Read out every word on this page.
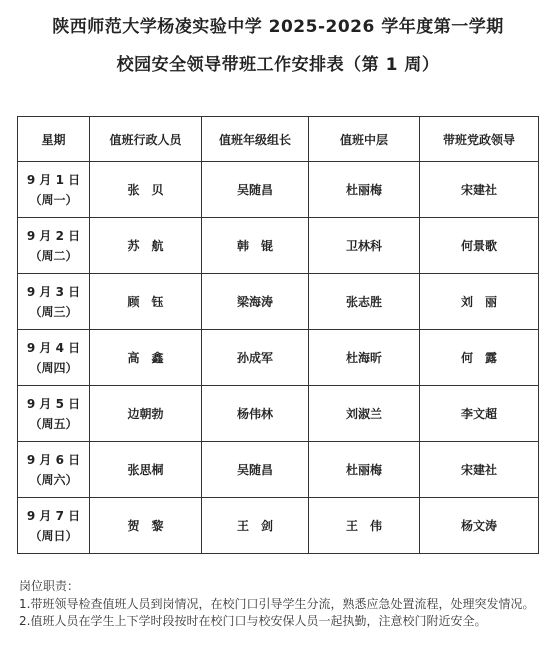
陕西师范大学杨凌实验中学 2025-2026 学年度第一学期
校园安全领导带班工作安排表（第 1 周）
星期	值班行政人员	值班年级组长	值班中层	带班党政领导

9 月 1 日
（周一）	张　贝	吴随昌	杜丽梅	宋建社

9 月 2 日
（周二）	苏　航	韩　锟	卫林科	何景歌

9 月 3 日
（周三）	顾　钰	梁海涛	张志胜	刘　丽

9 月 4 日
（周四）	高　鑫	孙成军	杜海昕	何　露

9 月 5 日
（周五）	边朝勃	杨伟林	刘淑兰	李文超

9 月 6 日
（周六）	张思桐	吴随昌	杜丽梅	宋建社

9 月 7 日
（周日）	贺　黎	王　剑	王　伟	杨文涛

岗位职责：

1.带班领导检查值班人员到岗情况，在校门口引导学生分流，熟悉应急处置流程，处理突发情况。

2.值班人员在学生上下学时段按时在校门口与校安保人员一起执勤，注意校门附近安全。
